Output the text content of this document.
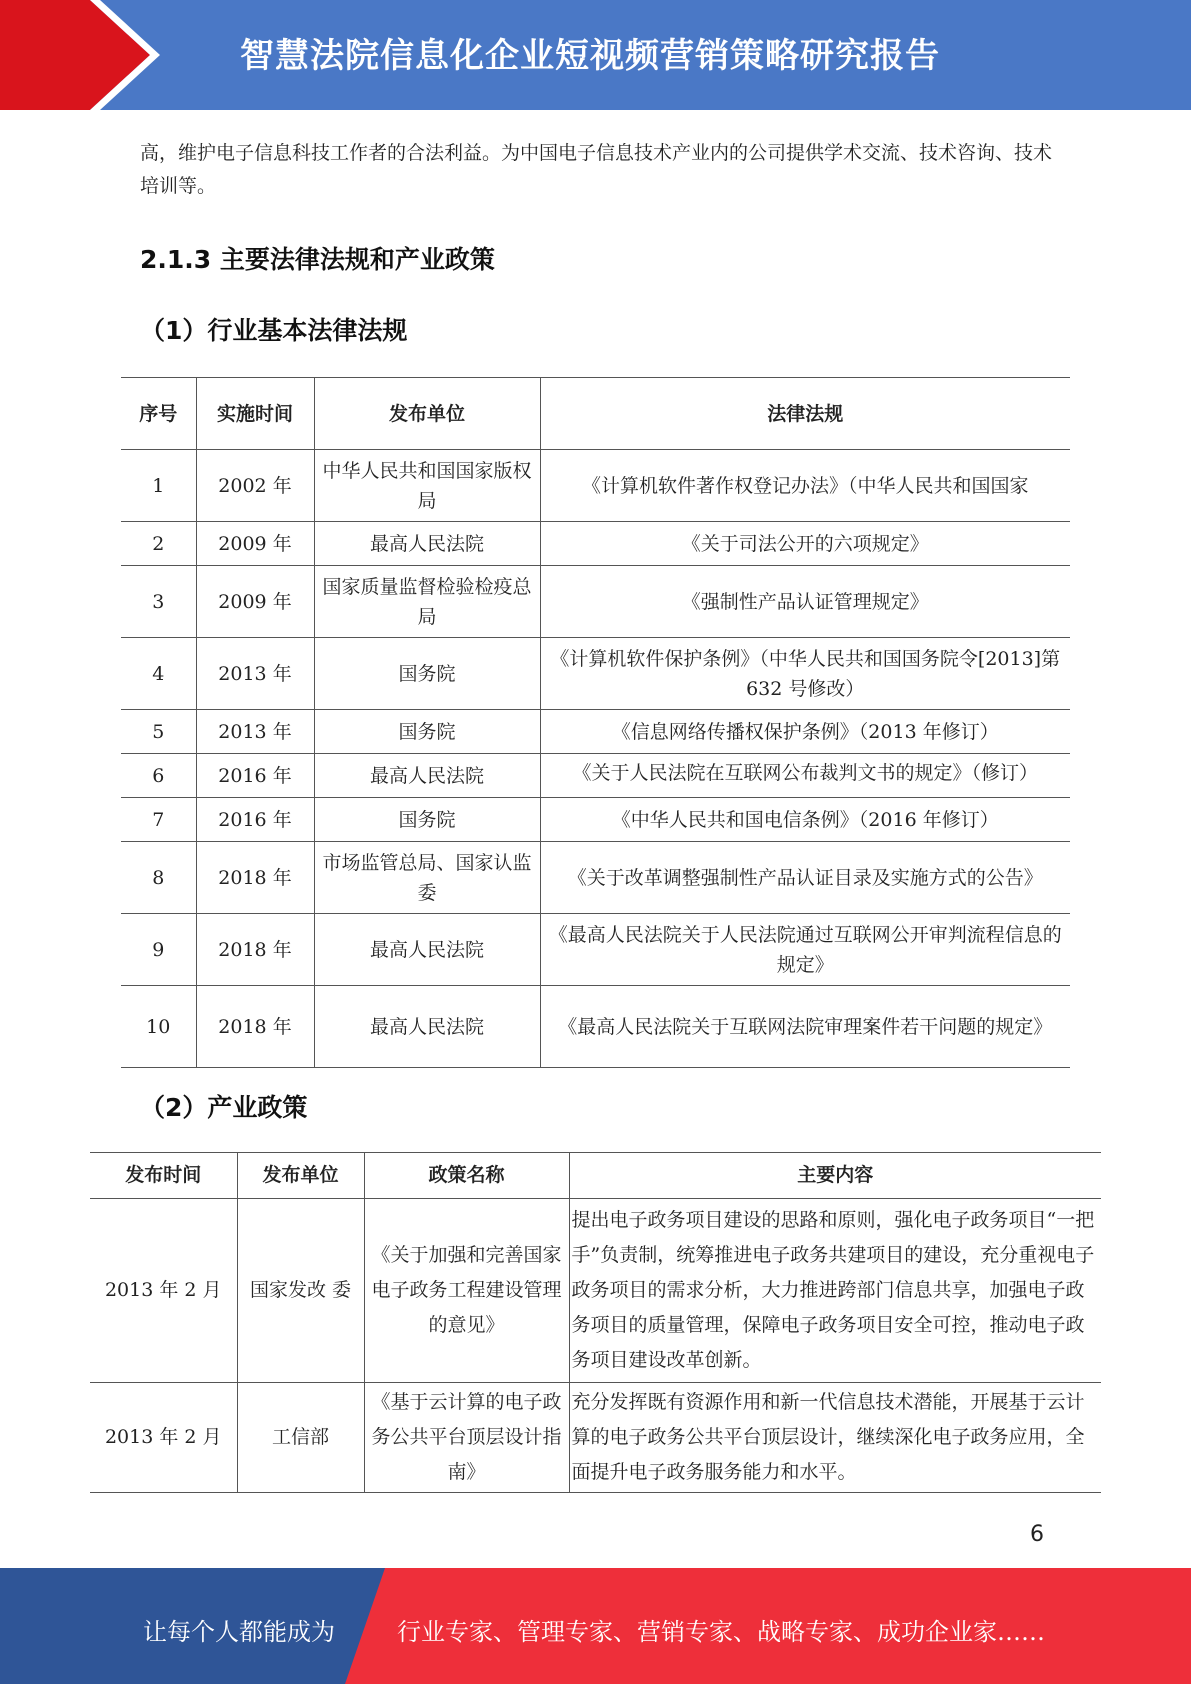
智慧法院信息化企业短视频营销策略研究报告

高，维护电子信息科技工作者的合法利益。为中国电子信息技术产业内的公司提供学术交流、技术咨询、技术培训等。

2.1.3 主要法律法规和产业政策
（1）行业基本法律法规
序号	实施时间	发布单位	法律法规
1	2002 年	中华人民共和国国家版权局	《计算机软件著作权登记办法》（中华人民共和国国家
2	2009 年	最高人民法院	《关于司法公开的六项规定》
3	2009 年	国家质量监督检验检疫总局	《强制性产品认证管理规定》
4	2013 年	国务院	《计算机软件保护条例》（中华人民共和国国务院令[2013]第 632 号修改）
5	2013 年	国务院	《信息网络传播权保护条例》（2013 年修订）
6	2016 年	最高人民法院	《关于人民法院在互联网公布裁判文书的规定》（修订）

7	2016 年	国务院	《中华人民共和国电信条例》（2016 年修订）
8	2018 年	市场监管总局、国家认监委	《关于改革调整强制性产品认证目录及实施方式的公告》
9	2018 年	最高人民法院	《最高人民法院关于人民法院通过互联网公开审判流程信息的规定》
10	2018 年	最高人民法院	《最高人民法院关于互联网法院审理案件若干问题的规定》
（2）产业政策
发布时间	发布单位	政策名称	主要内容
2013 年 2 月	国家发改 委	《关于加强和完善国家电子政务工程建设管理的意见》	提出电子政务项目建设的思路和原则，强化电子政务项目“一把手”负责制，统筹推进电子政务共建项目的建设，充分重视电子政务项目的需求分析，大力推进跨部门信息共享，加强电子政务项目的质量管理，保障电子政务项目安全可控，推动电子政务项目建设改革创新。
2013 年 2 月	工信部	《基于云计算的电子政务公共平台顶层设计指南》	充分发挥既有资源作用和新一代信息技术潜能，开展基于云计算的电子政务公共平台顶层设计，继续深化电子政务应用，全面提升电子政务服务能力和水平。
6
让每个人都能成为	行业专家、管理专家、营销专家、战略专家、成功企业家……
